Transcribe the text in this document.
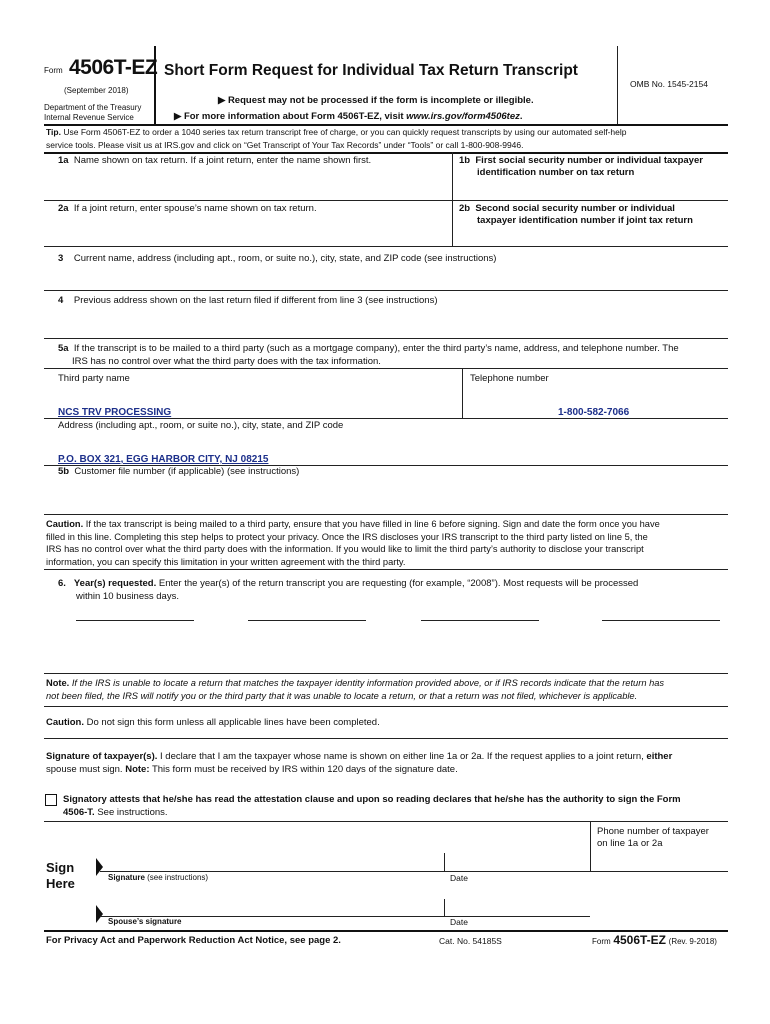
Form 4506T-EZ
(September 2018)
Department of the Treasury
Internal Revenue Service
Short Form Request for Individual Tax Return Transcript
▶ Request may not be processed if the form is incomplete or illegible.
▶ For more information about Form 4506T-EZ, visit www.irs.gov/form4506tez.
OMB No. 1545-2154
Tip. Use Form 4506T-EZ to order a 1040 series tax return transcript free of charge, or you can quickly request transcripts by using our automated self-help
service tools. Please visit us at IRS.gov and click on “Get Transcript of Your Tax Records” under “Tools” or call 1-800-908-9946.
1a Name shown on tax return. If a joint return, enter the name shown first.	1b First social security number or individual taxpayer
identification number on tax return
2a If a joint return, enter spouse’s name shown on tax return.	2b Second social security number or individual
taxpayer identification number if joint tax return
3 Current name, address (including apt., room, or suite no.), city, state, and ZIP code (see instructions)
4 Previous address shown on the last return filed if different from line 3 (see instructions)
5a If the transcript is to be mailed to a third party (such as a mortgage company), enter the third party’s name, address, and telephone number. The
IRS has no control over what the third party does with the tax information.
Third party name	Telephone number
NCS TRV PROCESSING	1-800-582-7066
Address (including apt., room, or suite no.), city, state, and ZIP code
P.O. BOX 321, EGG HARBOR CITY, NJ 08215
5b Customer file number (if applicable) (see instructions)
Caution. If the tax transcript is being mailed to a third party, ensure that you have filled in line 6 before signing. Sign and date the form once you have
filled in this line. Completing this step helps to protect your privacy. Once the IRS discloses your IRS transcript to the third party listed on line 5, the
IRS has no control over what the third party does with the information. If you would like to limit the third party’s authority to disclose your transcript
information, you can specify this limitation in your written agreement with the third party.
6. Year(s) requested. Enter the year(s) of the return transcript you are requesting (for example, “2008”). Most requests will be processed
within 10 business days.
Note. If the IRS is unable to locate a return that matches the taxpayer identity information provided above, or if IRS records indicate that the return has
not been filed, the IRS will notify you or the third party that it was unable to locate a return, or that a return was not filed, whichever is applicable.
Caution. Do not sign this form unless all applicable lines have been completed.
Signature of taxpayer(s). I declare that I am the taxpayer whose name is shown on either line 1a or 2a. If the request applies to a joint return, either
spouse must sign. Note: This form must be received by IRS within 120 days of the signature date.
Signatory attests that he/she has read the attestation clause and upon so reading declares that he/she has the authority to sign the Form
4506-T. See instructions.
Phone number of taxpayer
on line 1a or 2a
Sign
Here	Signature (see instructions)	Date
Spouse’s signature	Date
For Privacy Act and Paperwork Reduction Act Notice, see page 2.	Cat. No. 54185S	Form 4506T-EZ (Rev. 9-2018)
